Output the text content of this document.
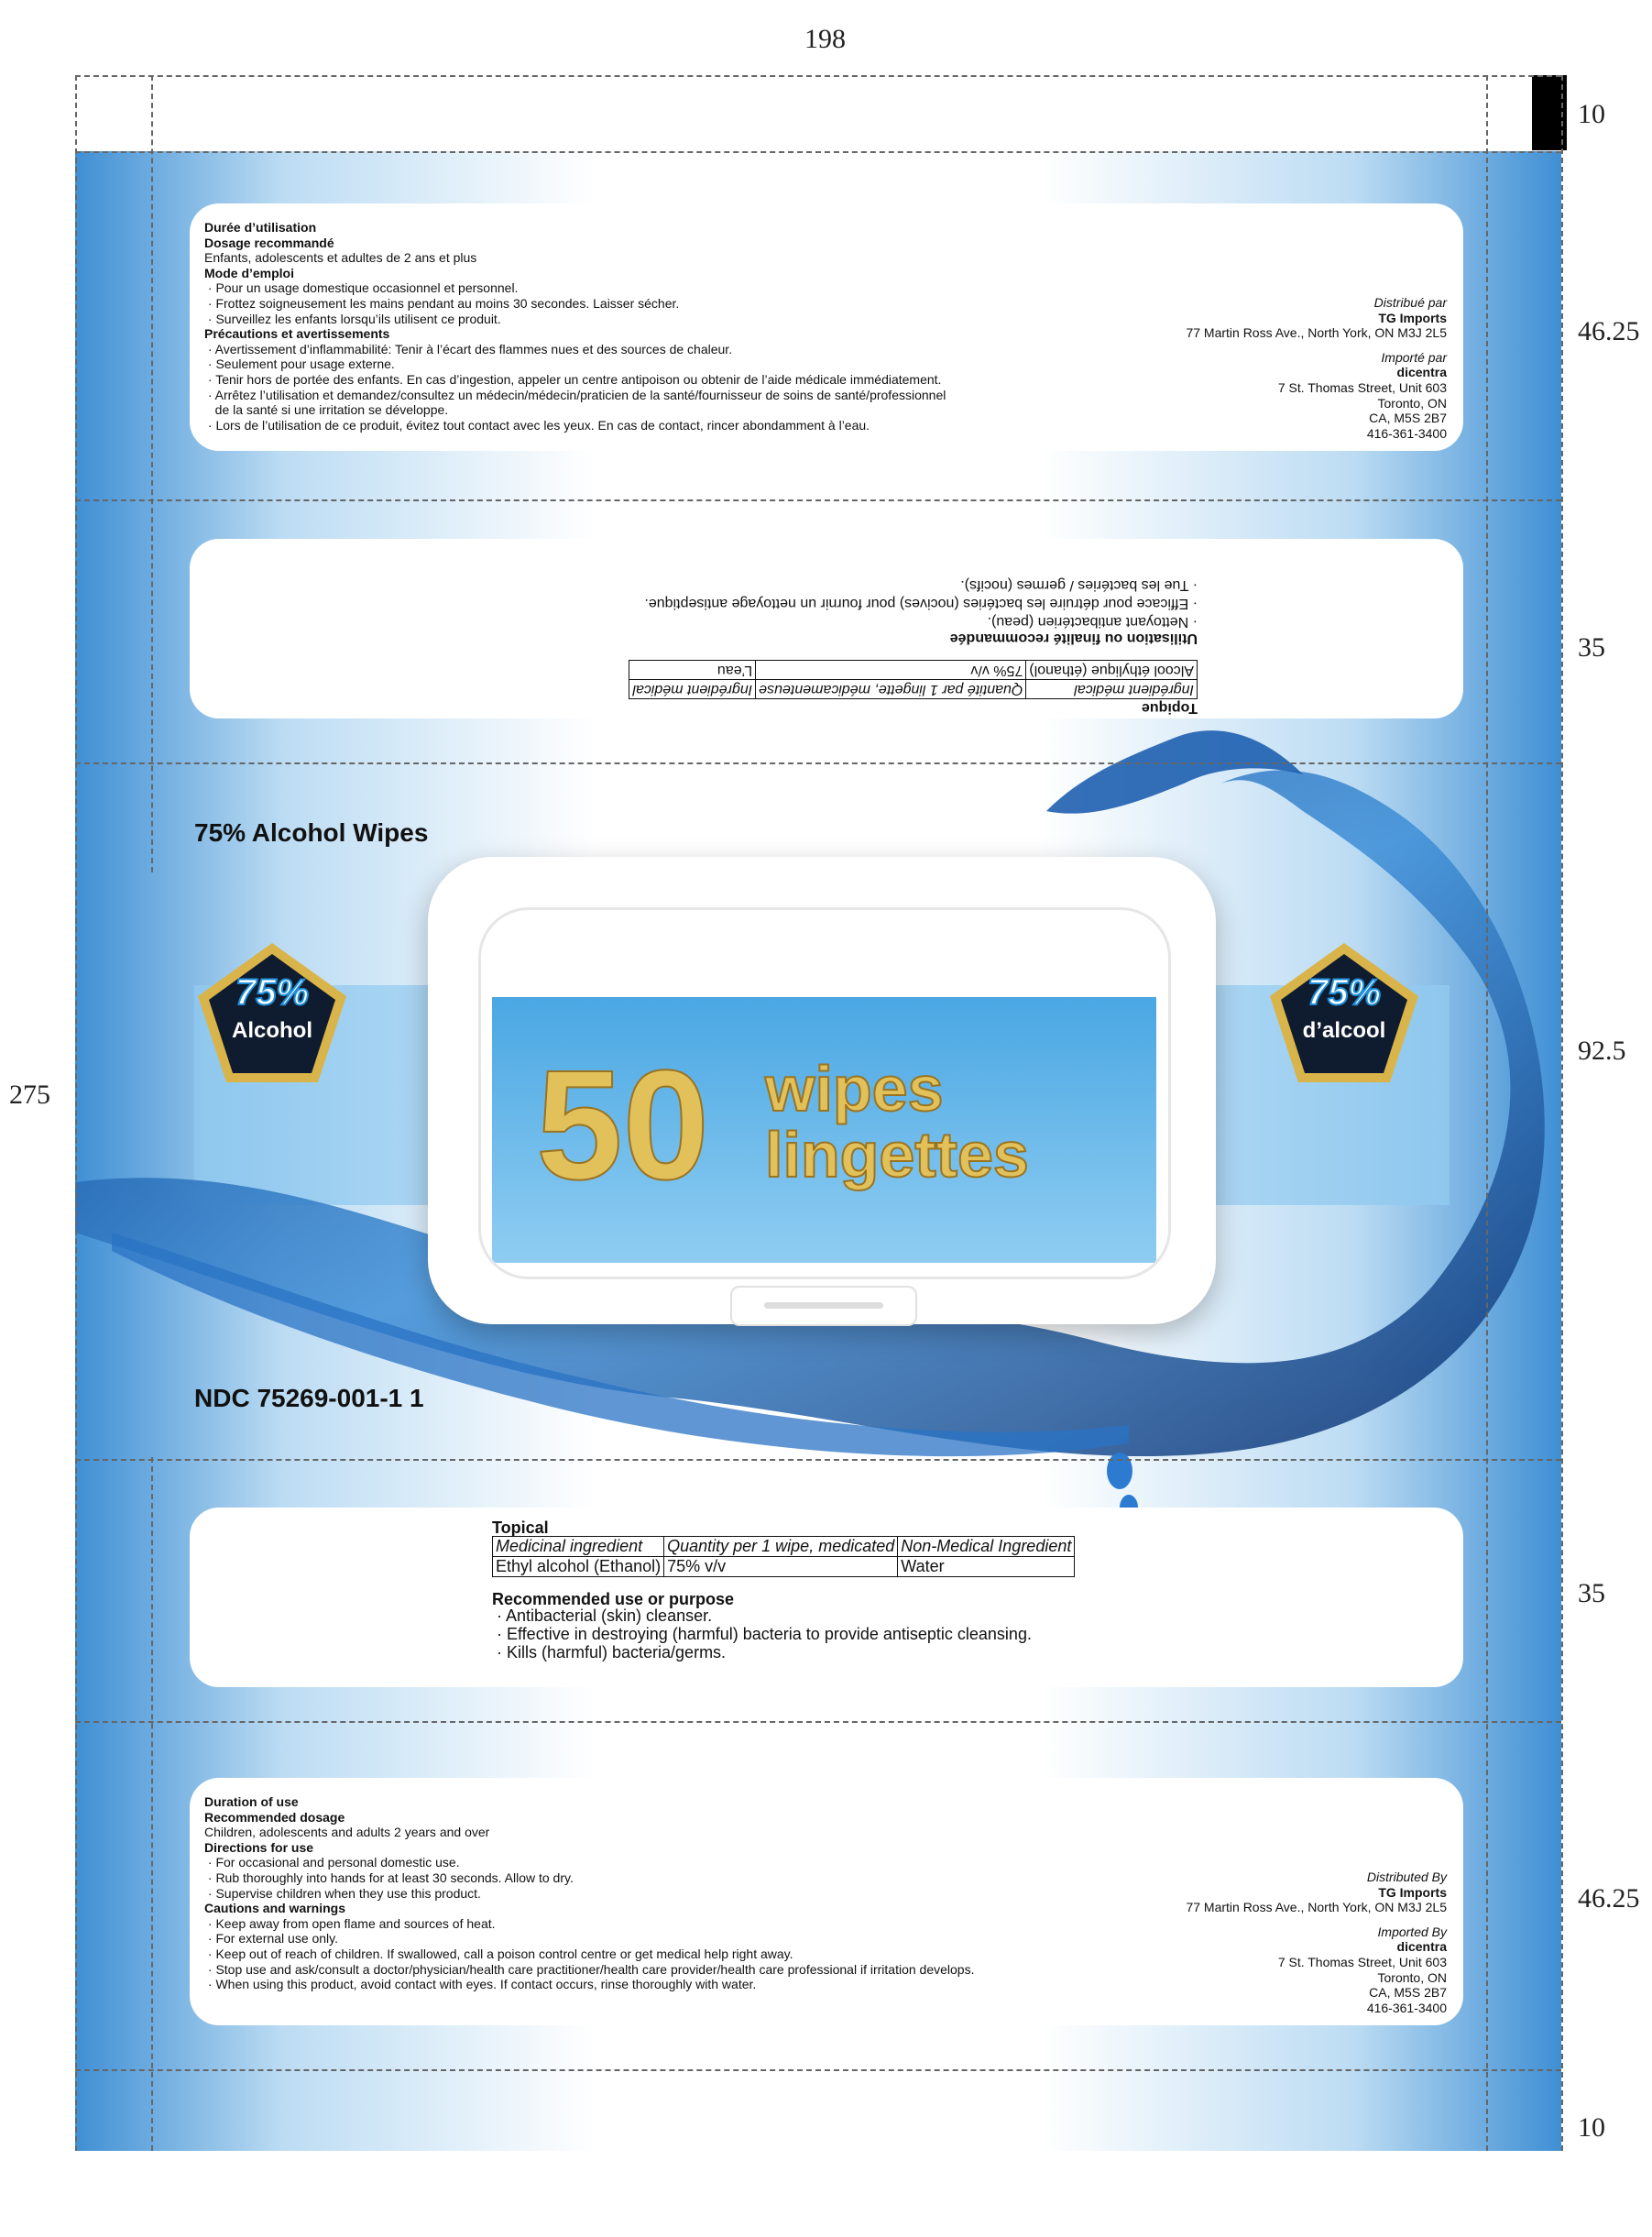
198
275
10
46.25
35
92.5
35
46.25
10
Durée d’utilisation
Dosage recommandé
Enfants, adolescents et adultes de 2 ans et plus
Mode d’emploi
· Pour un usage domestique occasionnel et personnel.
· Frottez soigneusement les mains pendant au moins 30 secondes. Laisser sécher.
· Surveillez les enfants lorsqu’ils utilisent ce produit.
Précautions et avertissements
· Avertissement d’inflammabilité: Tenir à l’écart des flammes nues et des sources de chaleur.
· Seulement pour usage externe.
· Tenir hors de portée des enfants. En cas d’ingestion, appeler un centre antipoison ou obtenir de l’aide médicale immédiatement.
· Arrêtez l’utilisation et demandez/consultez un médecin/médecin/praticien de la santé/fournisseur de soins de santé/professionnel
de la santé si une irritation se développe.
· Lors de l’utilisation de ce produit, évitez tout contact avec les yeux. En cas de contact, rincer abondamment à l’eau.
Distribué par
TG Imports
77 Martin Ross Ave., North York, ON M3J 2L5
Importé par
dicentra
7 St. Thomas Street, Unit 603
Toronto, ON
CA, M5S 2B7
416-361-3400
Topique
Ingrédient médical	Quantité par 1 lingette, médicamenteuse	Ingrédient médical
Alcool éthylique (éthanol)	75% v/v	L’eau
Utilisation ou finalité recommandée
· Nettoyant antibactérien (peau).
· Efficace pour détruire les bactéries (nocives) pour fournir un nettoyage antiseptique.
· Tue les bactéries / germes (nocifs).
75% Alcohol Wipes
75%
Alcohol
75%
d’alcool
50 wipes
lingettes
NDC 75269-001-1 1
Topical
Medicinal ingredient	Quantity per 1 wipe, medicated	Non-Medical Ingredient
Ethyl alcohol (Ethanol)	75% v/v	Water
Recommended use or purpose
· Antibacterial (skin) cleanser.
· Effective in destroying (harmful) bacteria to provide antiseptic cleansing.
· Kills (harmful) bacteria/germs.
Duration of use
Recommended dosage
Children, adolescents and adults 2 years and over
Directions for use
· For occasional and personal domestic use.
· Rub thoroughly into hands for at least 30 seconds. Allow to dry.
· Supervise children when they use this product.
Cautions and warnings
· Keep away from open flame and sources of heat.
· For external use only.
· Keep out of reach of children. If swallowed, call a poison control centre or get medical help right away.
· Stop use and ask/consult a doctor/physician/health care practitioner/health care provider/health care professional if irritation develops.
· When using this product, avoid contact with eyes. If contact occurs, rinse thoroughly with water.
Distributed By
TG Imports
77 Martin Ross Ave., North York, ON M3J 2L5
Imported By
dicentra
7 St. Thomas Street, Unit 603
Toronto, ON
CA, M5S 2B7
416-361-3400
